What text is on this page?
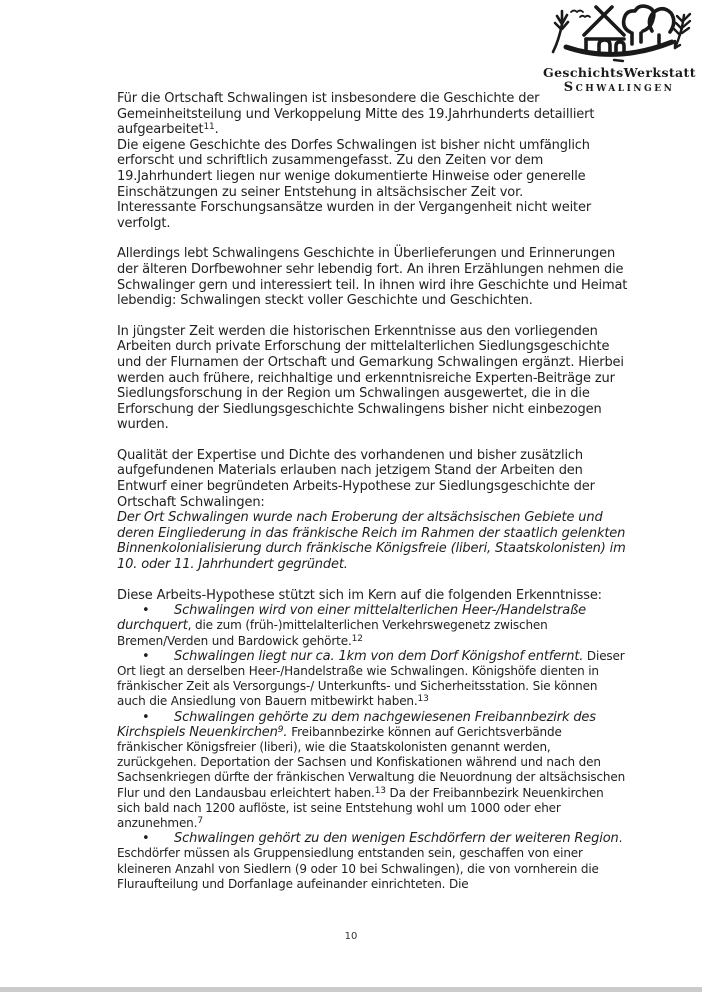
GeschichtsWerkstatt
Schwalingen
Für die Ortschaft Schwalingen ist insbesondere die Geschichte der Gemeinheitsteilung und Verkoppelung Mitte des 19.Jahrhunderts detailliert aufgearbeitet$^{11}$.
Die eigene Geschichte des Dorfes Schwalingen ist bisher nicht umfänglich erforscht und schriftlich zusammengefasst. Zu den Zeiten vor dem 19.Jahrhundert liegen nur wenige dokumentierte Hinweise oder generelle Einschätzungen zu seiner Entstehung in altsächsischer Zeit vor.
Interessante Forschungsansätze wurden in der Vergangenheit nicht weiter verfolgt.
Allerdings lebt Schwalingens Geschichte in Überlieferungen und Erinnerungen der älteren Dorfbewohner sehr lebendig fort. An ihren Erzählungen nehmen die Schwalinger gern und interessiert teil. In ihnen wird ihre Geschichte und Heimat lebendig: Schwalingen steckt voller Geschichte und Geschichten.
In jüngster Zeit werden die historischen Erkenntnisse aus den vorliegenden Arbeiten durch private Erforschung der mittelalterlichen Siedlungsgeschichte und der Flurnamen der Ortschaft und Gemarkung Schwalingen ergänzt. Hierbei werden auch frühere, reichhaltige und erkenntnisreiche Experten-Beiträge zur Siedlungsforschung in der Region um Schwalingen ausgewertet, die in die Erforschung der Siedlungsgeschichte Schwalingens bisher nicht einbezogen wurden.
Qualität der Expertise und Dichte des vorhandenen und bisher zusätzlich aufgefundenen Materials erlauben nach jetzigem Stand der Arbeiten den Entwurf einer begründeten Arbeits-Hypothese zur Siedlungsgeschichte der Ortschaft Schwalingen:
Der Ort Schwalingen wurde nach Eroberung der altsächsischen Gebiete und deren Eingliederung in das fränkische Reich im Rahmen der staatlich gelenkten Binnenkolonialisierung durch fränkische Königsfreie (liberi, Staatskolonisten) im 10. oder 11. Jahrhundert gegründet.
Diese Arbeits-Hypothese stützt sich im Kern auf die folgenden Erkenntnisse:
• Schwalingen wird von einer mittelalterlichen Heer-/Handelstraße durchquert, die zum (früh-)mittelalterlichen Verkehrswegenetz zwischen Bremen/Verden und Bardowick gehörte.$^{12}$
• Schwalingen liegt nur ca. 1km von dem Dorf Königshof entfernt. Dieser Ort liegt an derselben Heer-/Handelstraße wie Schwalingen. Königshöfe dienten in fränkischer Zeit als Versorgungs-/ Unterkunfts- und Sicherheitsstation. Sie können auch die Ansiedlung von Bauern mitbewirkt haben.$^{13}$
• Schwalingen gehörte zu dem nachgewiesenen Freibannbezirk des Kirchspiels Neuenkirchen$^9$. Freibannbezirke können auf Gerichtsverbände fränkischer Königsfreier (liberi), wie die Staatskolonisten genannt werden, zurückgehen. Deportation der Sachsen und Konfiskationen während und nach den Sachsenkriegen dürfte der fränkischen Verwaltung die Neuordnung der altsächsischen Flur und den Landausbau erleichtert haben.$^{13}$ Da der Freibannbezirk Neuenkirchen sich bald nach 1200 auflöste, ist seine Entstehung wohl um 1000 oder eher anzunehmen.$^7$
• Schwalingen gehört zu den wenigen Eschdörfern der weiteren Region. Eschdörfer müssen als Gruppensiedlung entstanden sein, geschaffen von einer kleineren Anzahl von Siedlern (9 oder 10 bei Schwalingen), die von vornherein die Fluraufteilung und Dorfanlage aufeinander einrichteten. Die
10
